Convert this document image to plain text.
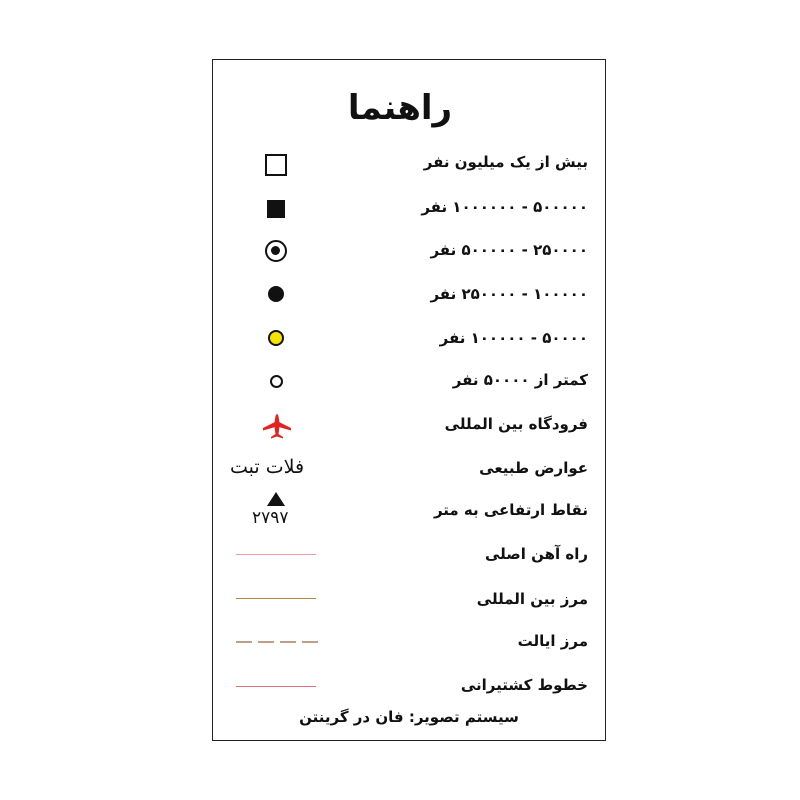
راهنما
بیش از یک میلیون نفر
۵۰۰۰۰۰ - ۱۰۰۰۰۰۰ نفر
۲۵۰۰۰۰ - ۵۰۰۰۰۰ نفر
۱۰۰۰۰۰ - ۲۵۰۰۰۰ نفر
۵۰۰۰۰ - ۱۰۰۰۰۰ نفر
کمتر از ۵۰۰۰۰ نفر
فرودگاه بین المللی
فلات تبت	عوارض طبیعی
۲۷۹۷	نقاط ارتفاعی به متر
راه آهن اصلی
مرز بین المللی
مرز ایالت
خطوط کشتیرانی
سیستم تصویر: فان در گرینتن
